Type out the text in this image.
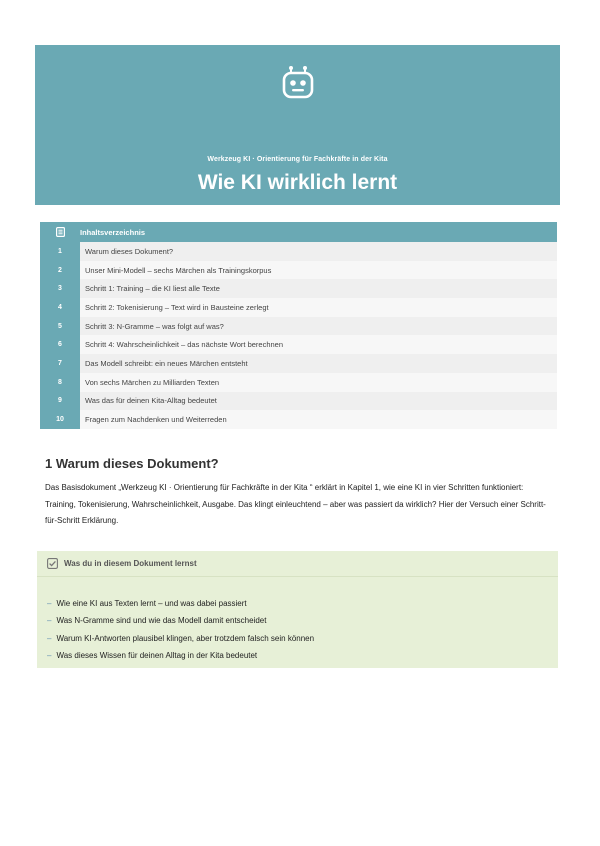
Werkzeug KI · Orientierung für Fachkräfte in der Kita
Wie KI wirklich lernt
Das Märchen-Modell
Inhaltsverzeichnis
1	Warum dieses Dokument?
2	Unser Mini-Modell – sechs Märchen als Trainingskorpus
3	Schritt 1: Training – die KI liest alle Texte
4	Schritt 2: Tokenisierung – Text wird in Bausteine zerlegt
5	Schritt 3: N-Gramme – was folgt auf was?
6	Schritt 4: Wahrscheinlichkeit – das nächste Wort berechnen
7	Das Modell schreibt: ein neues Märchen entsteht
8	Von sechs Märchen zu Milliarden Texten
9	Was das für deinen Kita-Alltag bedeutet
10	Fragen zum Nachdenken und Weiterreden
1 Warum dieses Dokument?
Das Basisdokument „Werkzeug KI · Orientierung für Fachkräfte in der Kita “ erklärt in Kapitel 1, wie eine KI in vier Schritten funktioniert: Training, Tokenisierung, Wahrscheinlichkeit, Ausgabe. Das klingt einleuchtend – aber was passiert da wirklich? Hier der Versuch einer Schritt-für-Schritt Erklärung.
Was du in diesem Dokument lernst
– Wie eine KI aus Texten lernt – und was dabei passiert
– Was N-Gramme sind und wie das Modell damit entscheidet
– Warum KI-Antworten plausibel klingen, aber trotzdem falsch sein können
– Was dieses Wissen für deinen Alltag in der Kita bedeutet
